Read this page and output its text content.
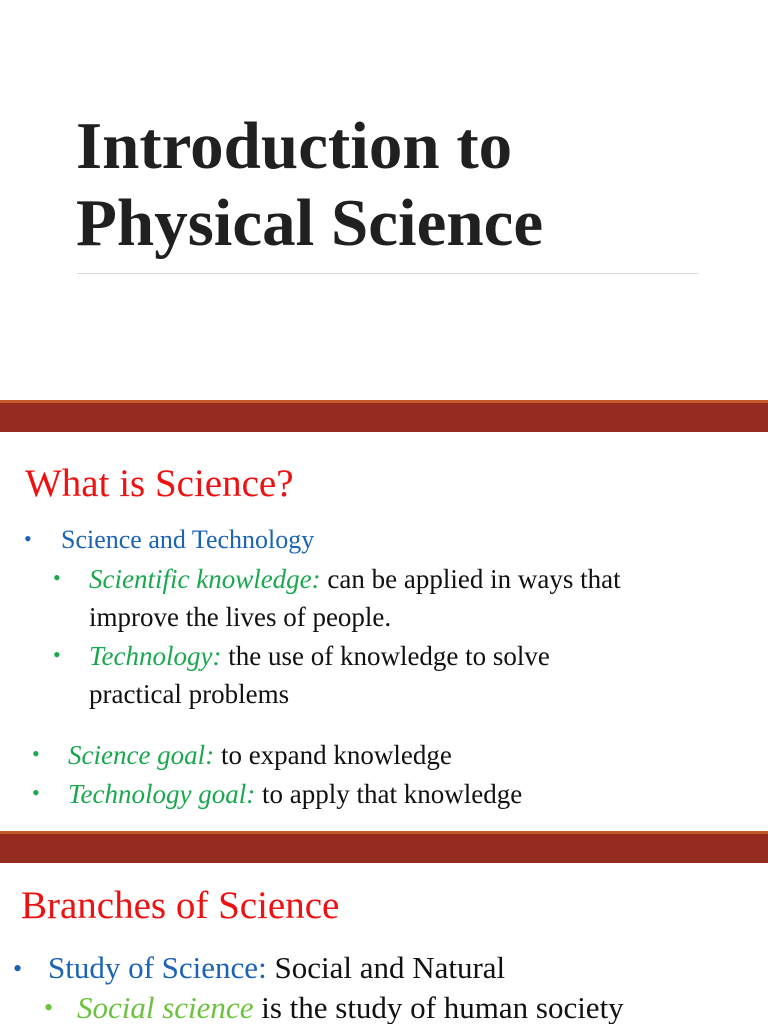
Introduction to
Physical Science
What is Science?
• Science and Technology
• Scientific knowledge: can be applied in ways that
improve the lives of people.
• Technology: the use of knowledge to solve
practical problems
• Science goal: to expand knowledge
• Technology goal: to apply that knowledge
Branches of Science
• Study of Science: Social and Natural
• Social science is the study of human society
